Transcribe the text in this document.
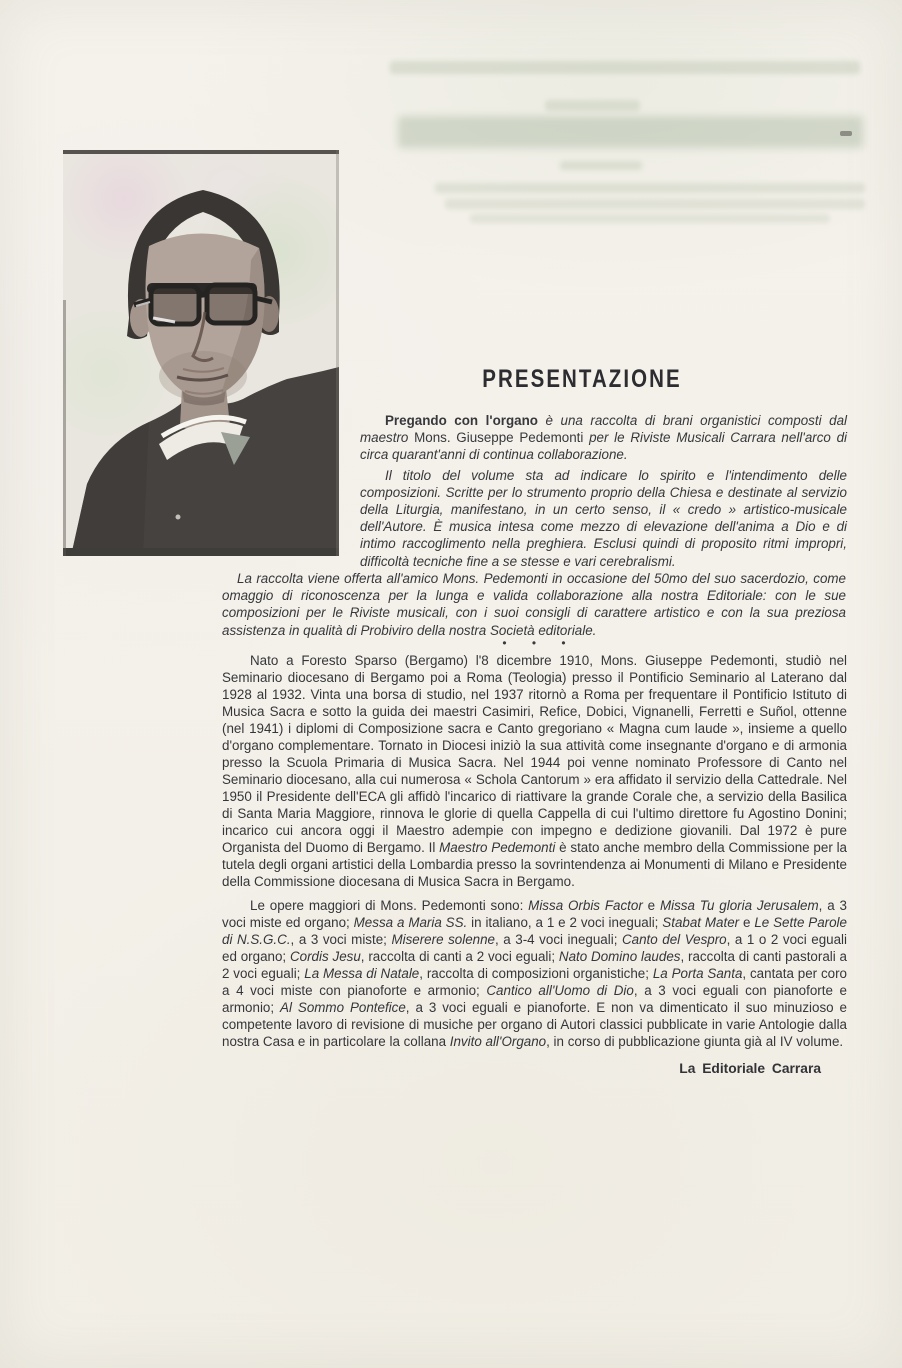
PRESENTAZIONE

Pregando con l'organo è una raccolta di brani organistici composti dal maestro Mons. Giuseppe Pedemonti per le Riviste Musicali Carrara nell'arco di circa quarant'anni di continua collaborazione.

Il titolo del volume sta ad indicare lo spirito e l'intendimento delle composizioni. Scritte per lo strumento proprio della Chiesa e destinate al servizio della Liturgia, manifestano, in un certo senso, il « credo » artistico-musicale dell'Autore. È musica intesa come mezzo di elevazione dell'anima a Dio e di intimo raccoglimento nella preghiera. Esclusi quindi di proposito ritmi impropri, difficoltà tecniche fine a se stesse e vari cerebralismi.

La raccolta viene offerta all'amico Mons. Pedemonti in occasione del 50mo del suo sacerdozio, come omaggio di riconoscenza per la lunga e valida collaborazione alla nostra Editoriale: con le sue composizioni per le Riviste musicali, con i suoi consigli di carattere artistico e con la sua preziosa assistenza in qualità di Probiviro della nostra Società editoriale.

• • •

Nato a Foresto Sparso (Bergamo) l'8 dicembre 1910, Mons. Giuseppe Pedemonti, studiò nel Seminario diocesano di Bergamo poi a Roma (Teologia) presso il Pontificio Seminario al Laterano dal 1928 al 1932. Vinta una borsa di studio, nel 1937 ritornò a Roma per frequentare il Pontificio Istituto di Musica Sacra e sotto la guida dei maestri Casimiri, Refice, Dobici, Vignanelli, Ferretti e Suñol, ottenne (nel 1941) i diplomi di Composizione sacra e Canto gregoriano « Magna cum laude », insieme a quello d'organo complementare. Tornato in Diocesi iniziò la sua attività come insegnante d'organo e di armonia presso la Scuola Primaria di Musica Sacra. Nel 1944 poi venne nominato Professore di Canto nel Seminario diocesano, alla cui numerosa « Schola Cantorum » era affidato il servizio della Cattedrale. Nel 1950 il Presidente dell'ECA gli affidò l'incarico di riattivare la grande Corale che, a servizio della Basilica di Santa Maria Maggiore, rinnova le glorie di quella Cappella di cui l'ultimo direttore fu Agostino Donini; incarico cui ancora oggi il Maestro adempie con impegno e dedizione giovanili. Dal 1972 è pure Organista del Duomo di Bergamo. Il Maestro Pedemonti è stato anche membro della Commissione per la tutela degli organi artistici della Lombardia presso la sovrintendenza ai Monumenti di Milano e Presidente della Commissione diocesana di Musica Sacra in Bergamo.

Le opere maggiori di Mons. Pedemonti sono: Missa Orbis Factor e Missa Tu gloria Jerusalem, a 3 voci miste ed organo; Messa a Maria SS. in italiano, a 1 e 2 voci ineguali; Stabat Mater e Le Sette Parole di N.S.G.C., a 3 voci miste; Miserere solenne, a 3-4 voci ineguali; Canto del Vespro, a 1 o 2 voci eguali ed organo; Cordis Jesu, raccolta di canti a 2 voci eguali; Nato Domino laudes, raccolta di canti pastorali a 2 voci eguali; La Messa di Natale, raccolta di composizioni organistiche; La Porta Santa, cantata per coro a 4 voci miste con pianoforte e armonio; Cantico all'Uomo di Dio, a 3 voci eguali con pianoforte e armonio; Al Sommo Pontefice, a 3 voci eguali e pianoforte. E non va dimenticato il suo minuzioso e competente lavoro di revisione di musiche per organo di Autori classici pubblicate in varie Antologie dalla nostra Casa e in particolare la collana Invito all'Organo, in corso di pubblicazione giunta già al IV volume.

La Editoriale Carrara
